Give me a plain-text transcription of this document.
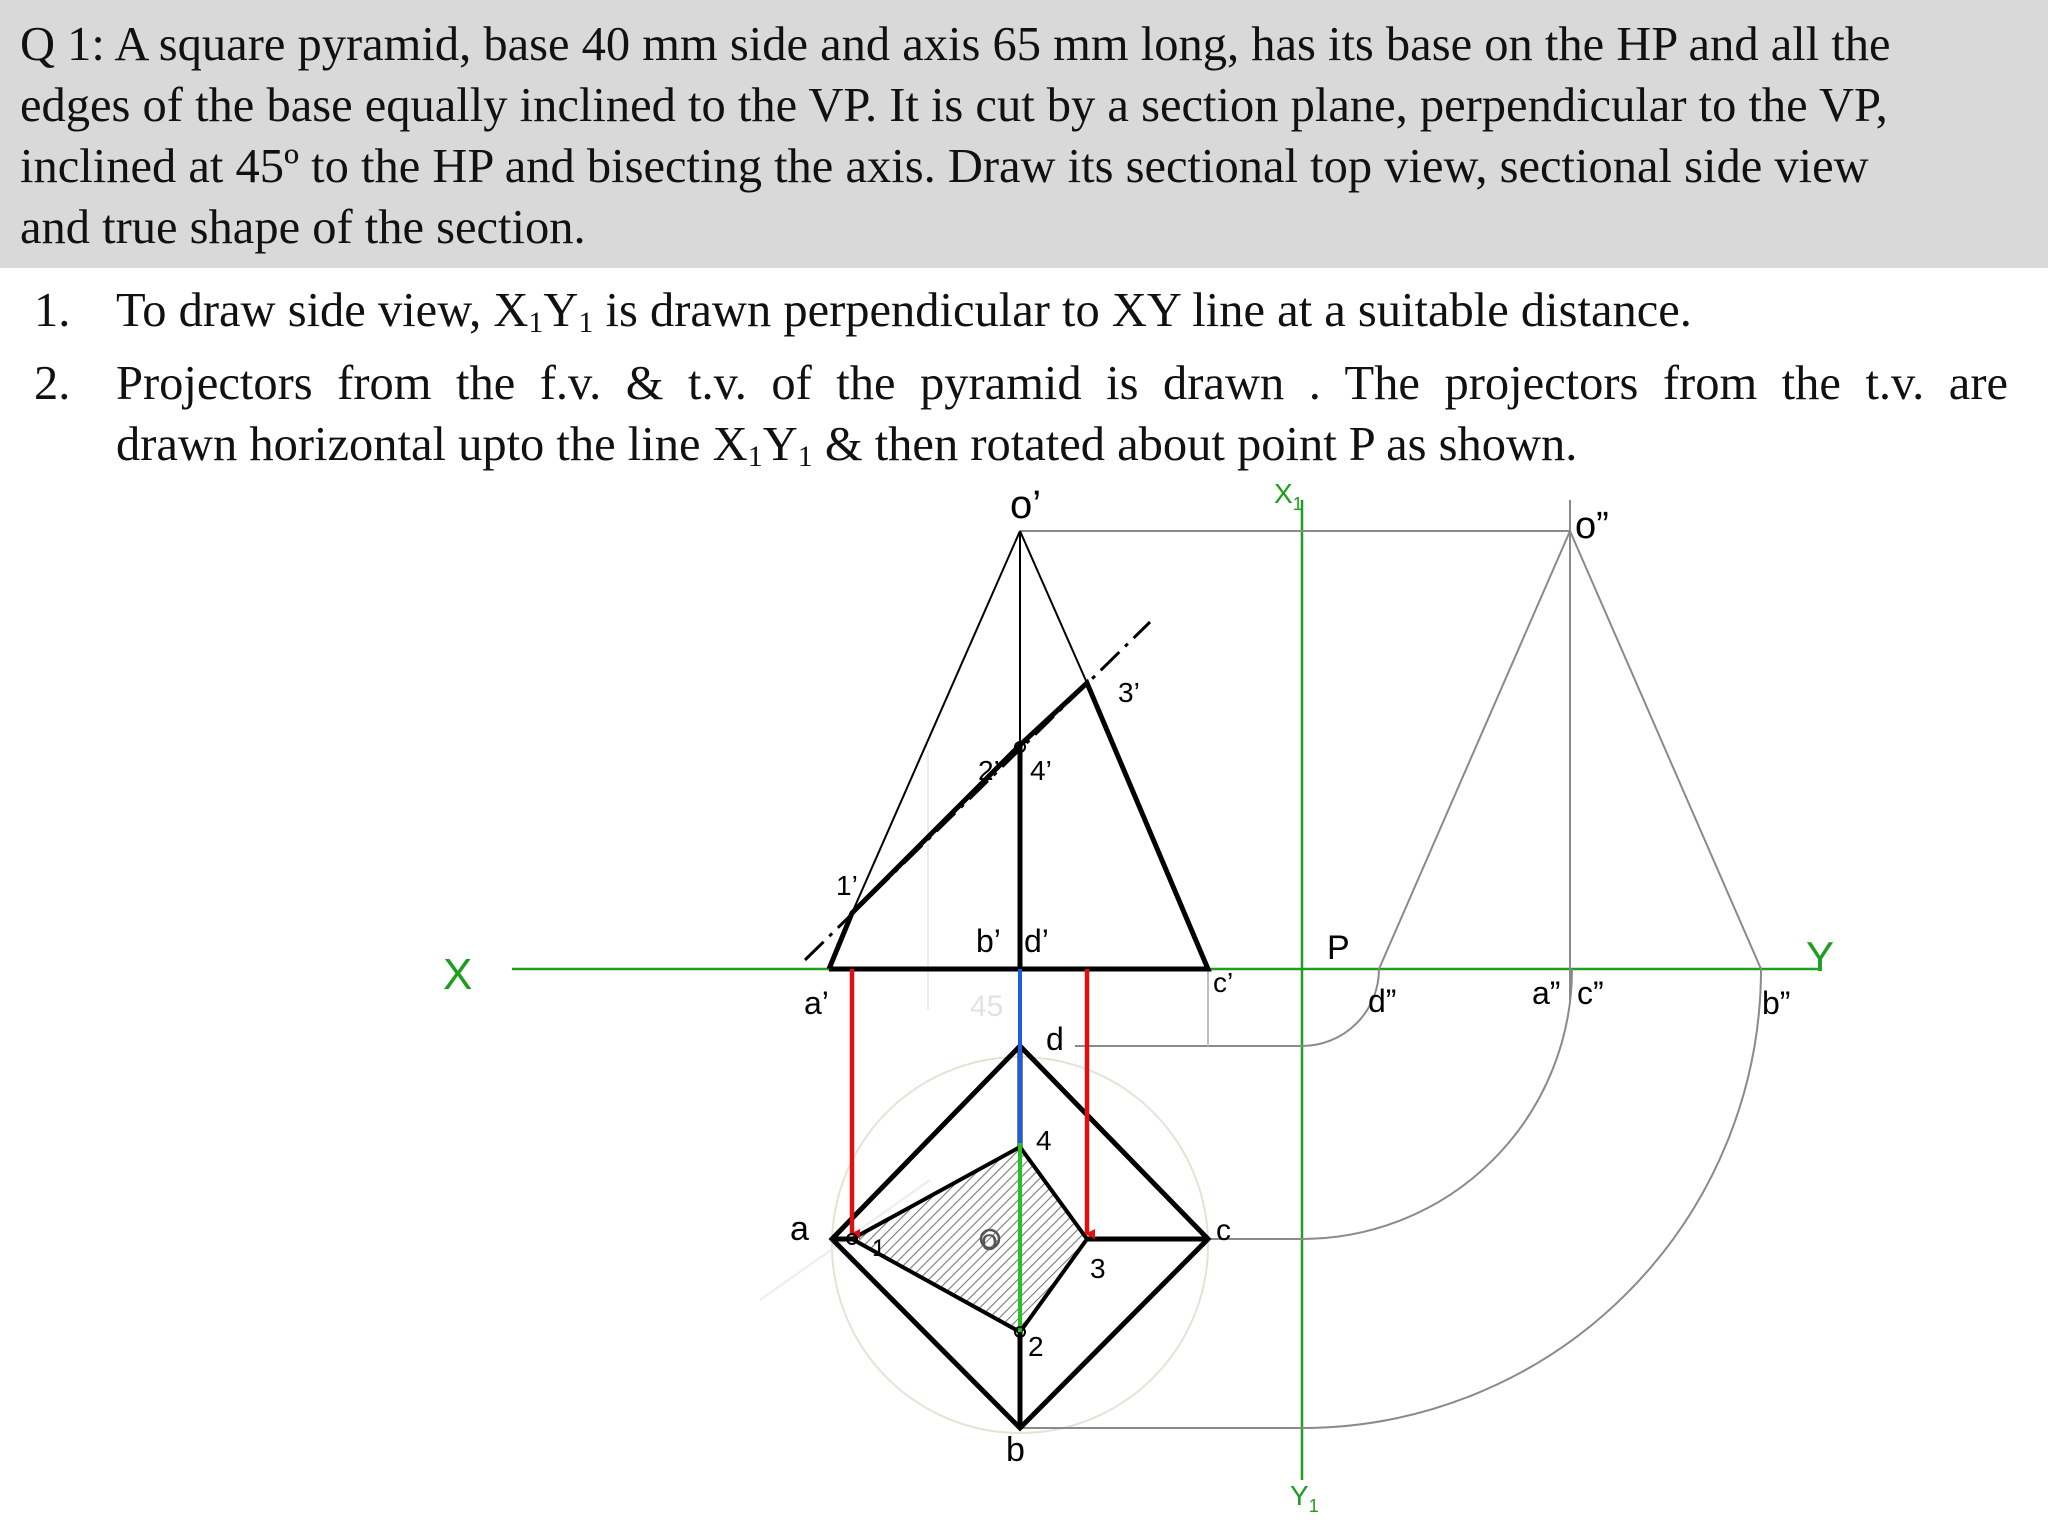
Q 1: A square pyramid, base 40 mm side and axis 65 mm long, has its base on the HP and all the
edges of the base equally inclined to the VP. It is cut by a section plane, perpendicular to the VP,
inclined at 45º to the HP and bisecting the axis. Draw its sectional top view, sectional side view
and true shape of the section.
1. To draw side view, $X_1Y_1$ is drawn perpendicular to XY line at a suitable distance.
2. Projectors from the f.v. & t.v. of the pyramid is drawn . The projectors from the t.v. are
drawn horizontal upto the line $X_1Y_1$ & then rotated about point P as shown.
X	Y
$X_1$
$Y_1$
o’	o”
a’
b’ d’
c’
1’
2’
3’
4’
45
a
b
c
d
o
1
2
3
4
P
d”	a” c”	b”
